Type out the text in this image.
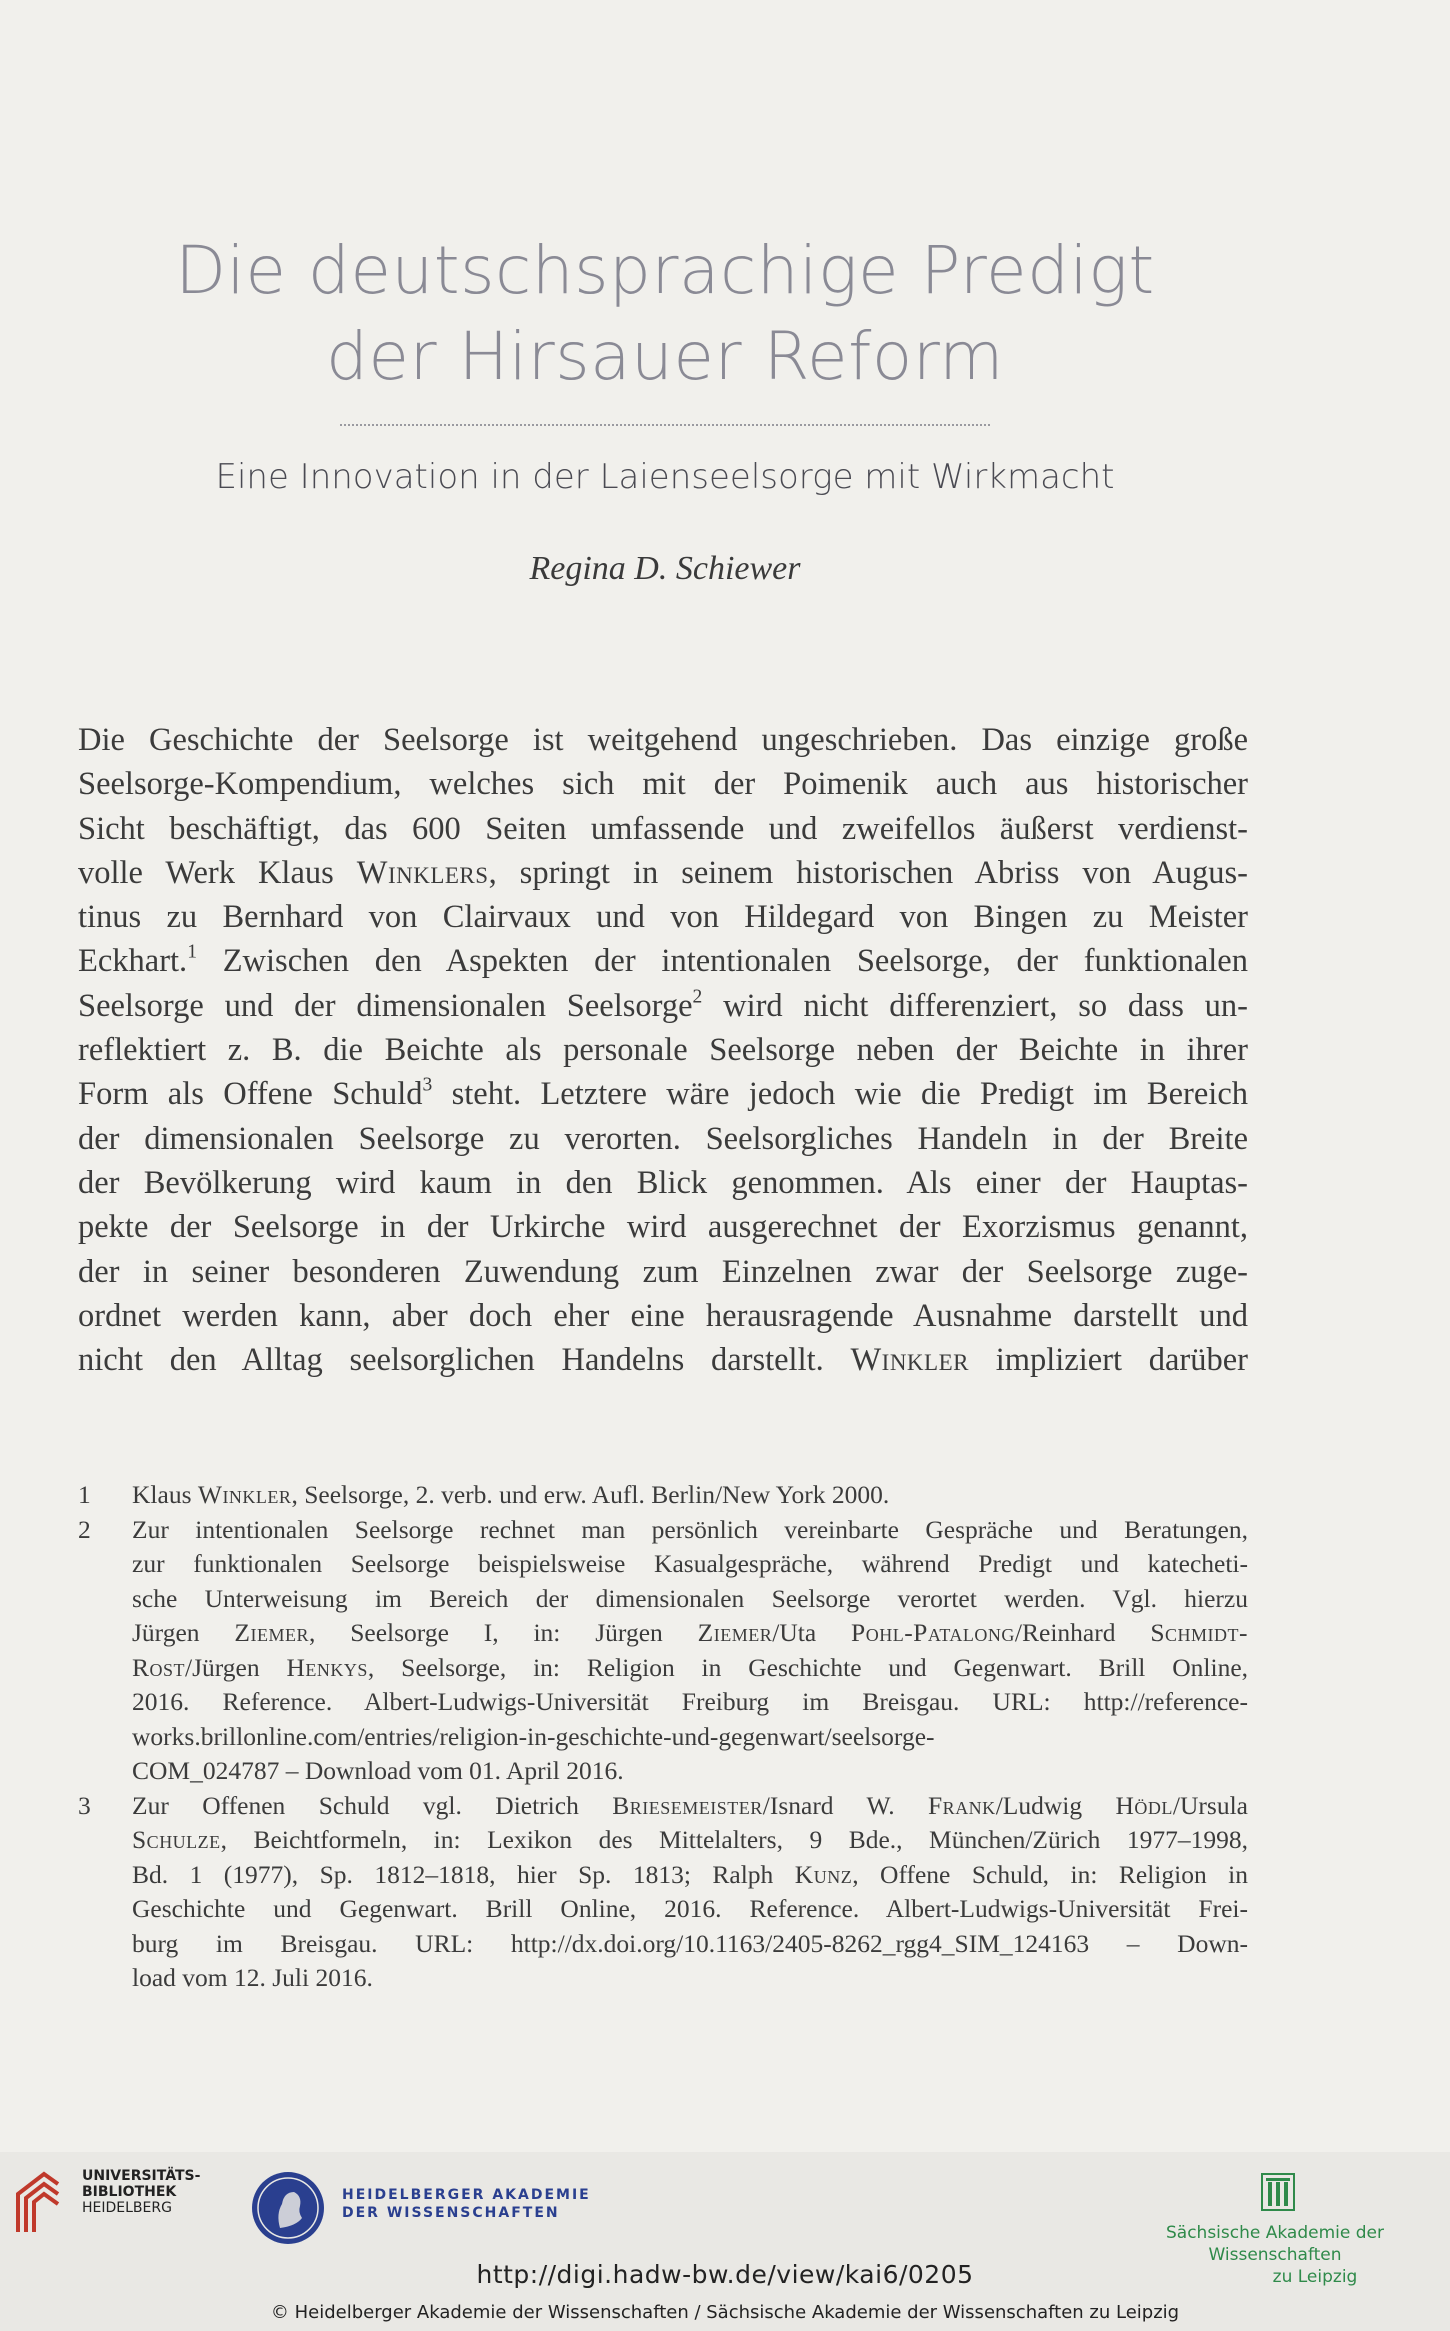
Die deutschsprachige Predigt
der Hirsauer Reform
Eine Innovation in der Laienseelsorge mit Wirkmacht
Regina D. Schiewer
Die Geschichte der Seelsorge ist weitgehend ungeschrieben. Das einzige große
Seelsorge-Kompendium, welches sich mit der Poimenik auch aus historischer
Sicht beschäftigt, das 600 Seiten umfassende und zweifellos äußerst verdienst-
volle Werk Klaus Winklers, springt in seinem historischen Abriss von Augus-
tinus zu Bernhard von Clairvaux und von Hildegard von Bingen zu Meister
Eckhart.$^1$ Zwischen den Aspekten der intentionalen Seelsorge, der funktionalen
Seelsorge und der dimensionalen Seelsorge$^2$ wird nicht differenziert, so dass un-
reflektiert z. B. die Beichte als personale Seelsorge neben der Beichte in ihrer
Form als Offene Schuld$^3$ steht. Letztere wäre jedoch wie die Predigt im Bereich
der dimensionalen Seelsorge zu verorten. Seelsorgliches Handeln in der Breite
der Bevölkerung wird kaum in den Blick genommen. Als einer der Hauptas-
pekte der Seelsorge in der Urkirche wird ausgerechnet der Exorzismus genannt,
der in seiner besonderen Zuwendung zum Einzelnen zwar der Seelsorge zuge-
ordnet werden kann, aber doch eher eine herausragende Ausnahme darstellt und
nicht den Alltag seelsorglichen Handelns darstellt. Winkler impliziert darüber
1 Klaus Winkler, Seelsorge, 2. verb. und erw. Aufl. Berlin/New York 2000.
2 Zur intentionalen Seelsorge rechnet man persönlich vereinbarte Gespräche und Beratungen,
zur funktionalen Seelsorge beispielsweise Kasualgespräche, während Predigt und katecheti-
sche Unterweisung im Bereich der dimensionalen Seelsorge verortet werden. Vgl. hierzu
Jürgen Ziemer, Seelsorge I, in: Jürgen Ziemer/Uta Pohl-Patalong/Reinhard Schmidt-
Rost/Jürgen Henkys, Seelsorge, in: Religion in Geschichte und Gegenwart. Brill Online,
2016. Reference. Albert-Ludwigs-Universität Freiburg im Breisgau. URL: http://reference-
works.brillonline.com/entries/religion-in-geschichte-und-gegenwart/seelsorge-
COM_024787 – Download vom 01. April 2016.
3 Zur Offenen Schuld vgl. Dietrich Briesemeister/Isnard W. Frank/Ludwig Hödl/Ursula
Schulze, Beichtformeln, in: Lexikon des Mittelalters, 9 Bde., München/Zürich 1977–1998,
Bd. 1 (1977), Sp. 1812–1818, hier Sp. 1813; Ralph Kunz, Offene Schuld, in: Religion in
Geschichte und Gegenwart. Brill Online, 2016. Reference. Albert-Ludwigs-Universität Frei-
burg im Breisgau. URL: http://dx.doi.org/10.1163/2405-8262_rgg4_SIM_124163 – Down-
load vom 12. Juli 2016.
UNIVERSITÄTS-
BIBLIOTHEK
HEIDELBERG
HEIDELBERGER AKADEMIE
DER WISSENSCHAFTEN
Sächsische Akademie der Wissenschaften
zu Leipzig
http://digi.hadw-bw.de/view/kai6/0205
© Heidelberger Akademie der Wissenschaften / Sächsische Akademie der Wissenschaften zu Leipzig
